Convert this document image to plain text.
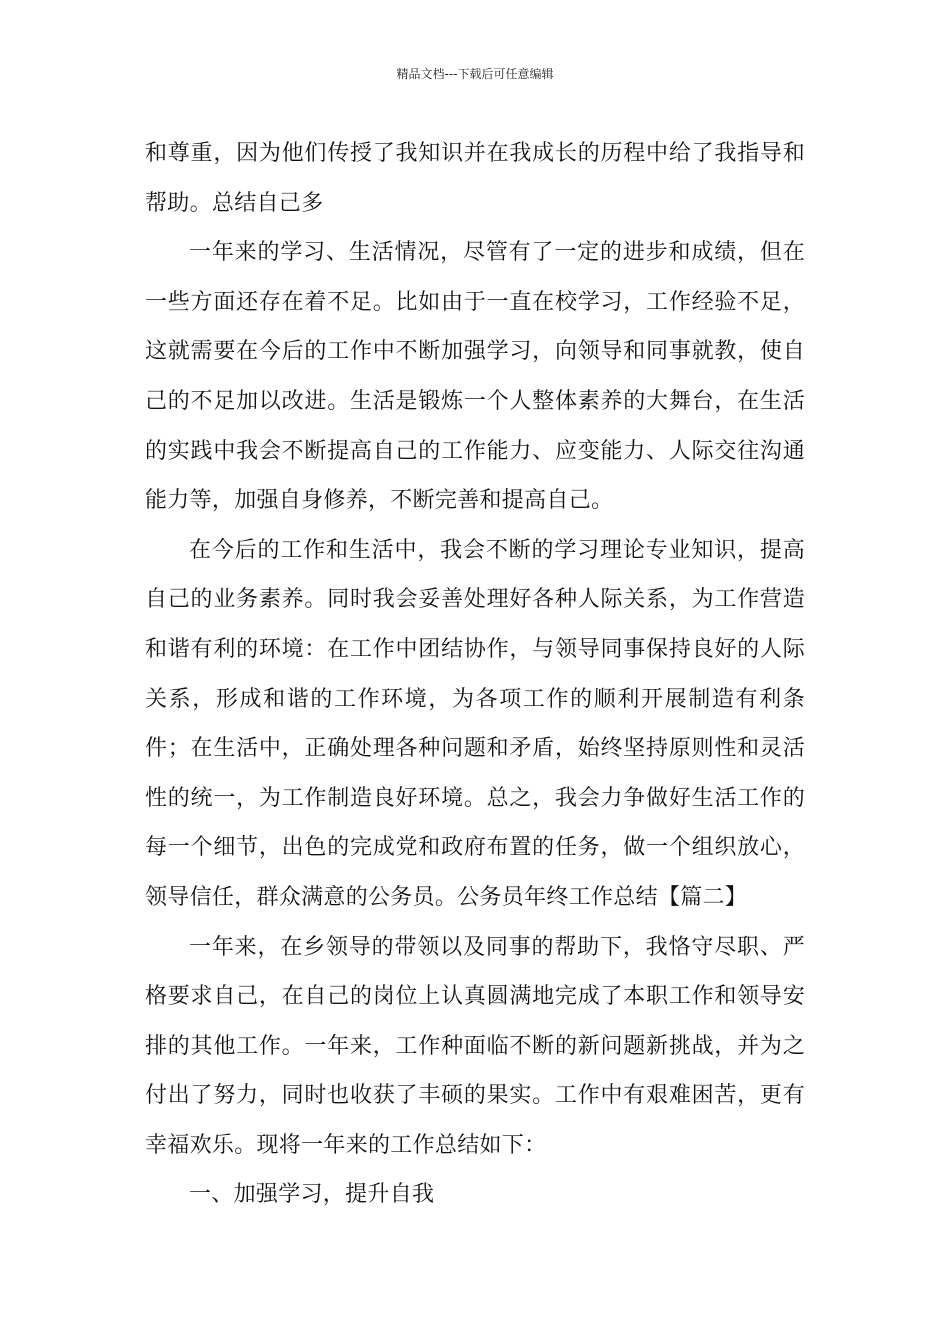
精品文档---下载后可任意编辑

和尊重，因为他们传授了我知识并在我成长的历程中给了我指导和帮助。总结自己多

一年来的学习、生活情况，尽管有了一定的进步和成绩，但在一些方面还存在着不足。比如由于一直在校学习，工作经验不足，这就需要在今后的工作中不断加强学习，向领导和同事就教，使自己的不足加以改进。生活是锻炼一个人整体素养的大舞台，在生活的实践中我会不断提高自己的工作能力、应变能力、人际交往沟通能力等，加强自身修养，不断完善和提高自己。

在今后的工作和生活中，我会不断的学习理论专业知识，提高自己的业务素养。同时我会妥善处理好各种人际关系，为工作营造和谐有利的环境：在工作中团结协作，与领导同事保持良好的人际关系，形成和谐的工作环境，为各项工作的顺利开展制造有利条件；在生活中，正确处理各种问题和矛盾，始终坚持原则性和灵活性的统一，为工作制造良好环境。总之，我会力争做好生活工作的每一个细节，出色的完成党和政府布置的任务，做一个组织放心，领导信任，群众满意的公务员。公务员年终工作总结【篇二】

一年来，在乡领导的带领以及同事的帮助下，我恪守尽职、严格要求自己，在自己的岗位上认真圆满地完成了本职工作和领导安排的其他工作。一年来，工作种面临不断的新问题新挑战，并为之付出了努力，同时也收获了丰硕的果实。工作中有艰难困苦，更有幸福欢乐。现将一年来的工作总结如下：

一、加强学习，提升自我
